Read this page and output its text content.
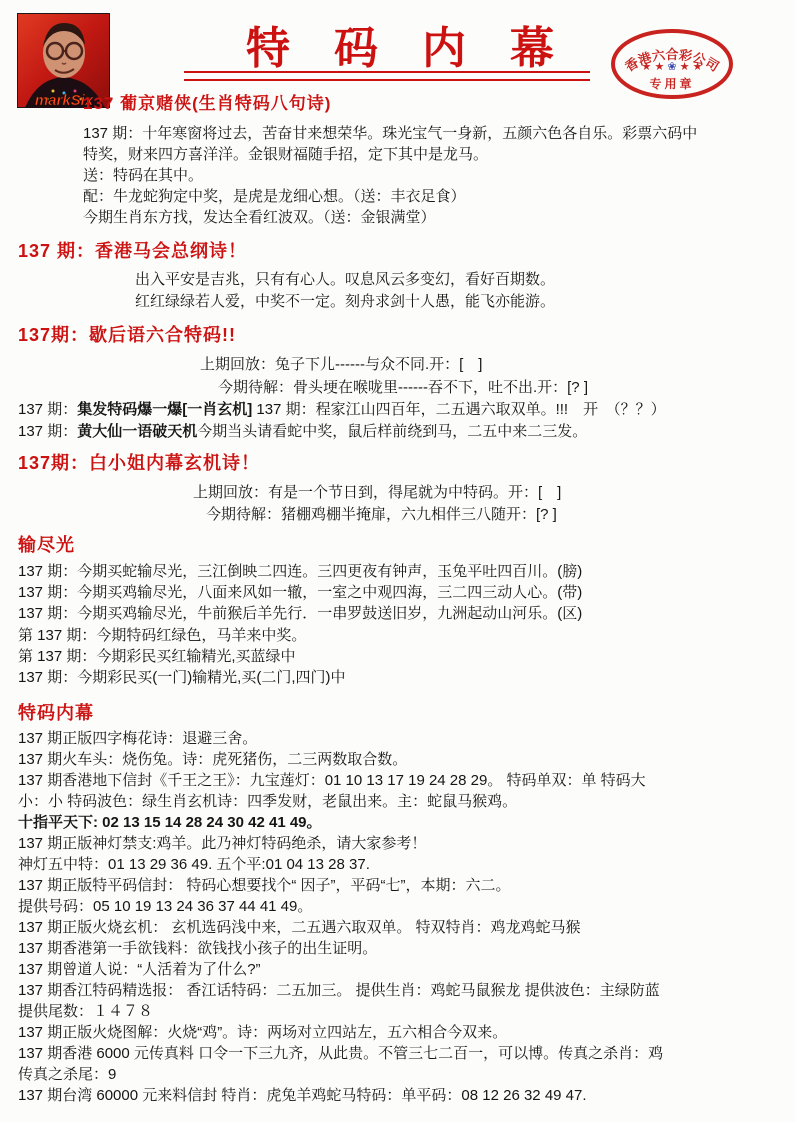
markSix
特　码　内　幕	香港六合彩公司
★ ★ ❀ ★ ★
专用章
137 葡京赌侠(生肖特码八句诗)
137 期：十年寒窗将过去，苦奋甘来想荣华。珠光宝气一身新，五颜六色各自乐。彩票六码中
特奖，财来四方喜洋洋。金银财福随手招，定下其中是龙马。
送：特码在其中。
配：牛龙蛇狗定中奖，是虎是龙细心想。（送：丰衣足食）
今期生肖东方找，发达全看红波双。（送：金银满堂）
137 期：香港马会总纲诗！
出入平安是吉兆，只有有心人。叹息风云多变幻，看好百期数。
红红绿绿若人爱，中奖不一定。刻舟求剑十人愚，能飞亦能游。
137期：歇后语六合特码!!
上期回放：兔子下儿------与众不同.开：[　]
今期待解：骨头埂在喉咙里------吞不下，吐不出.开：[? ]
137 期：集发特码爆一爆[一肖玄机] 137 期：程家江山四百年，二五遇六取双单。!!!　开　（？？）
137 期：黄大仙一语破天机今期当头请看蛇中奖，鼠后样前绕到马，二五中来二三发。
137期：白小姐内幕玄机诗！
上期回放：有是一个节日到，得尾就为中特码。开：[　]
今期待解：猪棚鸡棚半掩扉，六九相伴三八随开：[? ]
输尽光
137 期：今期买蛇输尽光，三江倒映二四连。三四更夜有钟声，玉兔平吐四百川。(膀)
137 期：今期买鸡输尽光，八面来风如一辙，一室之中观四海，三二四三动人心。(带)
137 期：今期买鸡输尽光，牛前猴后羊先行．一串罗鼓送旧岁，九洲起动山河乐。(区)
第 137 期：今期特码红绿色，马羊来中奖。
第 137 期：今期彩民买红输精光,买蓝绿中
137 期：今期彩民买(一门)输精光,买(二门,四门)中
特码内幕
137 期正版四字梅花诗：退避三舍。
137 期火车头：烧伤兔。诗：虎死猪伤，二三两数取合数。
137 期香港地下信封《千王之王》：九宝莲灯：01 10 13 17 19 24 28 29。 特码单双：单 特码大
小：小 特码波色：绿生肖玄机诗：四季发财，老鼠出来。主：蛇鼠马猴鸡。
十指平天下: 02 13 15 14 28 24 30 42 41 49。
137 期正版神灯禁支:鸡羊。此乃神灯特码绝杀，请大家参考！
神灯五中特：01 13 29 36 49. 五个平:01 04 13 28 37.
137 期正版特平码信封： 特码心想要找个“ 因子”，平码“七”，本期：六二。
提供号码：05 10 19 13 24 36 37 44 41 49。
137 期正版火烧玄机： 玄机选码浅中来，二五遇六取双单。 特双特肖：鸡龙鸡蛇马猴
137 期香港第一手欲钱料：欲钱找小孩子的出生证明。
137 期曾道人说：“人活着为了什么?”
137 期香江特码精选报： 香江话特码：二五加三。 提供生肖：鸡蛇马鼠猴龙 提供波色：主绿防蓝
提供尾数：１４７８
137 期正版火烧图解：火烧“鸡”。诗：两场对立四站左，五六相合今双来。
137 期香港 6000 元传真料 口令一下三九齐，从此贵。不管三七二百一，可以博。传真之杀肖：鸡
传真之杀尾：9
137 期台湾 60000 元来料信封 特肖：虎兔羊鸡蛇马特码：单平码：08 12 26 32 49 47.
